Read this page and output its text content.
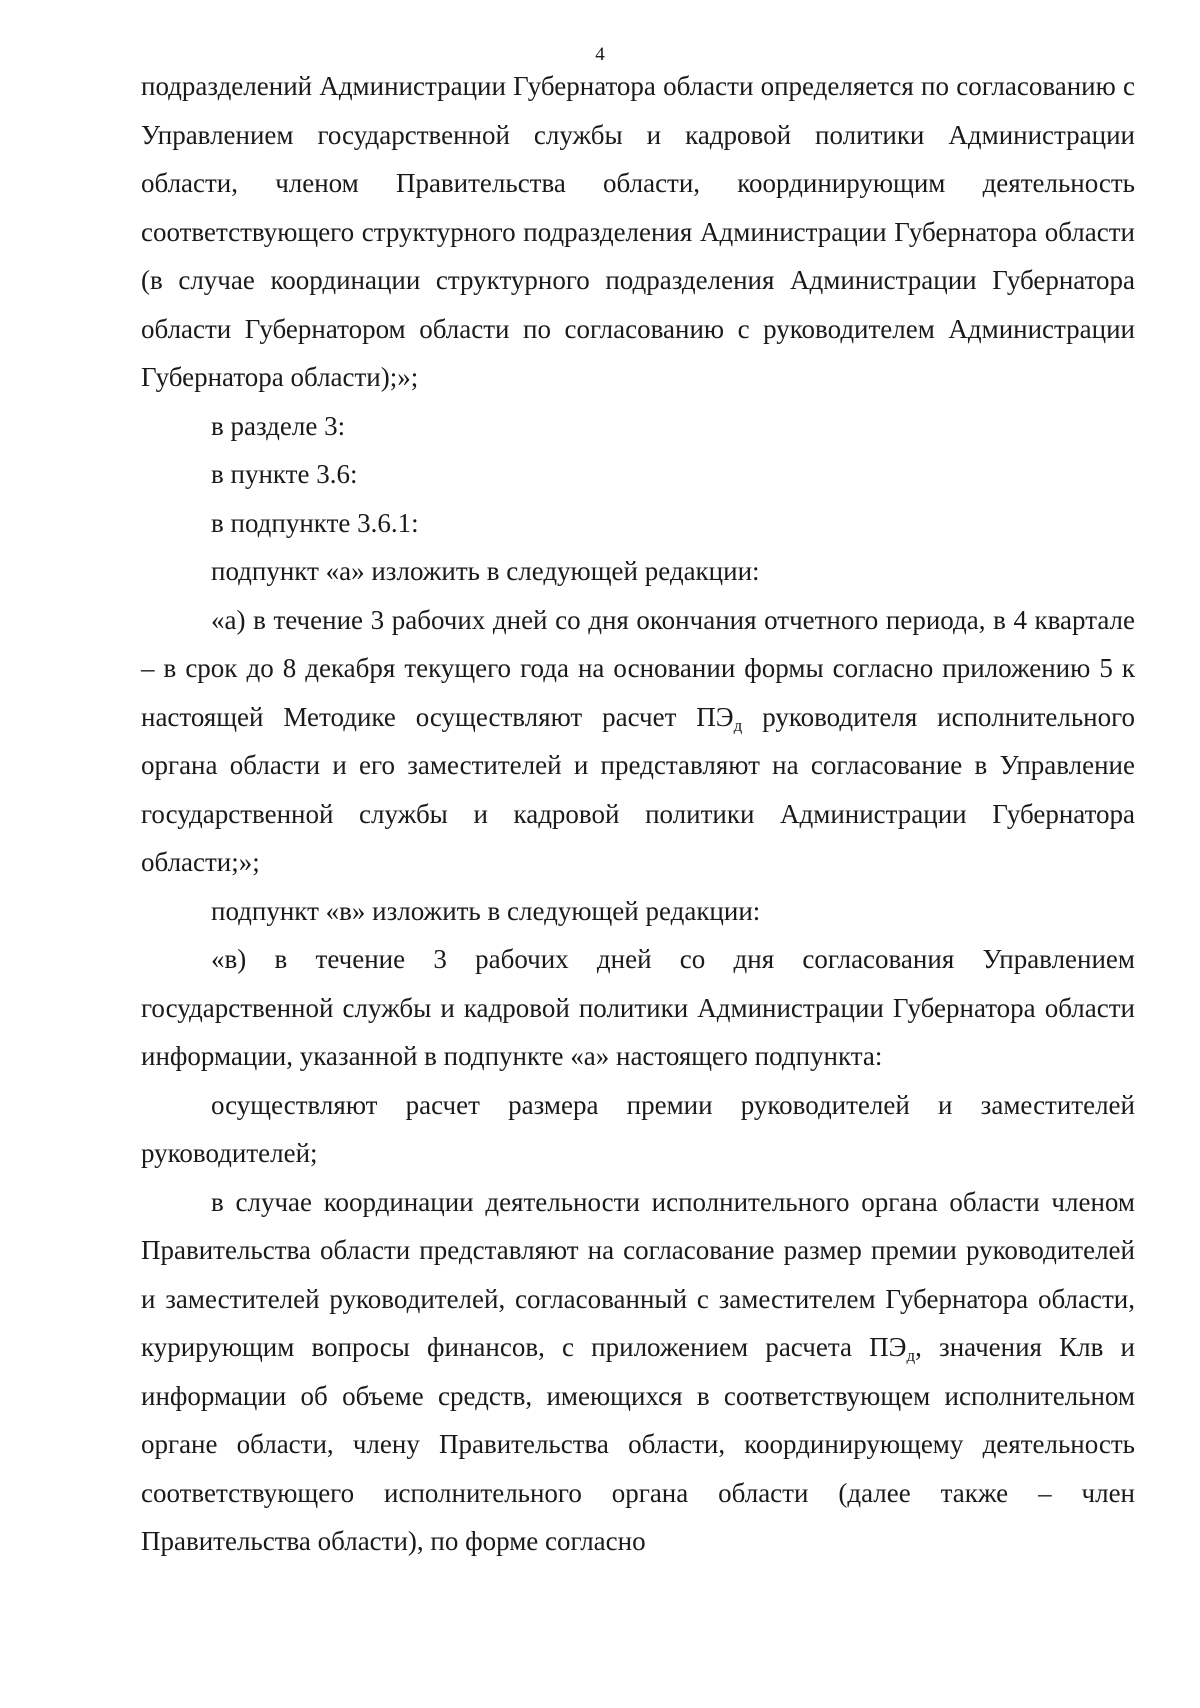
4

подразделений Администрации Губернатора области определяется по согласованию с Управлением государственной службы и кадровой политики Администрации области, членом Правительства области, координирующим деятельность соответствующего структурного подразделения Администрации Губернатора области (в случае координации структурного подразделения Администрации Губернатора области Губернатором области по согласованию с руководителем Администрации Губернатора области);»;

в разделе 3:

в пункте 3.6:

в подпункте 3.6.1:

подпункт «а» изложить в следующей редакции:

«а) в течение 3 рабочих дней со дня окончания отчетного периода, в 4 квартале – в срок до 8 декабря текущего года на основании формы согласно приложению 5 к настоящей Методике осуществляют расчет $ПЭ_д$ руководителя исполнительного органа области и его заместителей и представляют на согласование в Управление государственной службы и кадровой политики Администрации Губернатора области;»;

подпункт «в» изложить в следующей редакции:

«в) в течение 3 рабочих дней со дня согласования Управлением государственной службы и кадровой политики Администрации Губернатора области информации, указанной в подпункте «а» настоящего подпункта:

осуществляют расчет размера премии руководителей и заместителей руководителей;

в случае координации деятельности исполнительного органа области членом Правительства области представляют на согласование размер премии руководителей и заместителей руководителей, согласованный с заместителем Губернатора области, курирующим вопросы финансов, с приложением расчета $ПЭ_д$, значения Клв и информации об объеме средств, имеющихся в соответствующем исполнительном органе области, члену Правительства области, координирующему деятельность соответствующего исполнительного органа области (далее также – член Правительства области), по форме согласно
